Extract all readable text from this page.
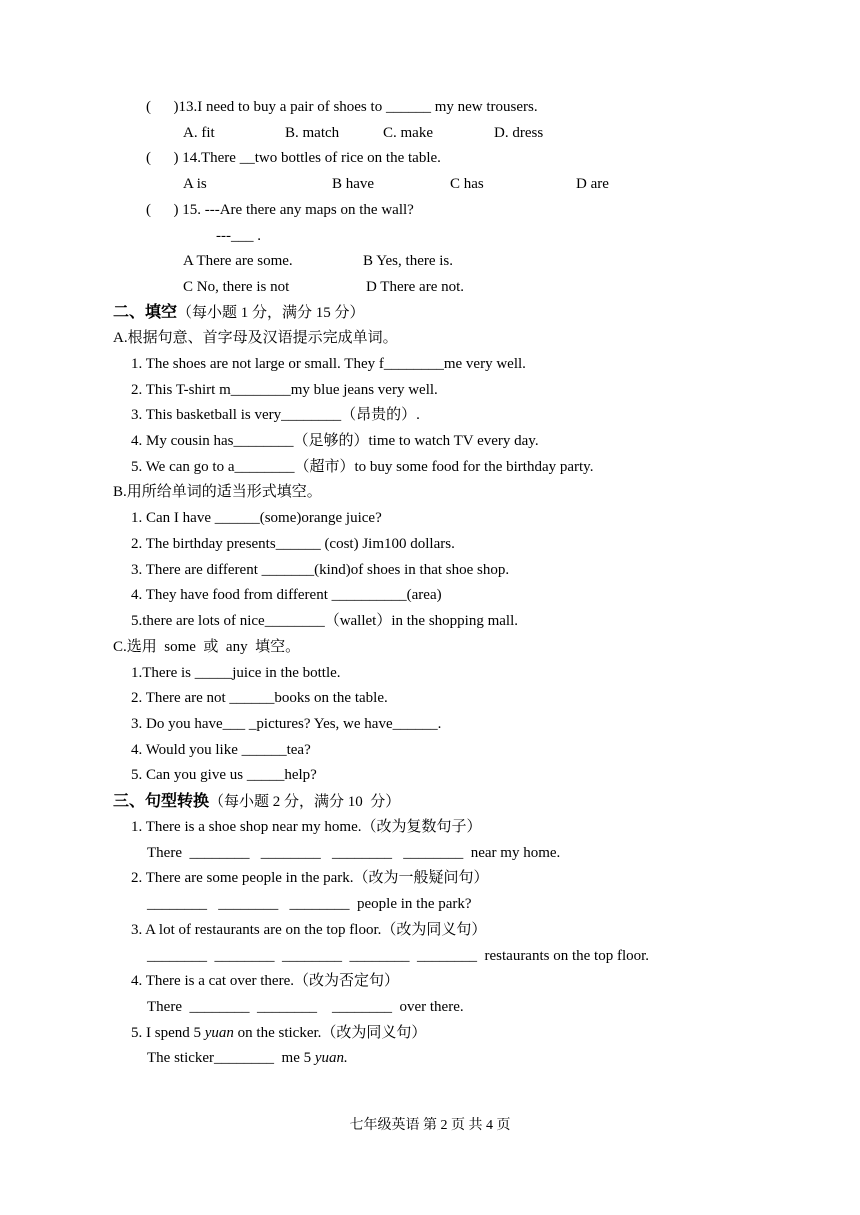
(      )13.I need to buy a pair of shoes to ______ my new trousers.
A. fit	B. match	C. make	D. dress
(      ) 14.There __two bottles of rice on the table.
A is	B have	C has	D are
(      ) 15. ---Are there any maps on the wall?
---___ .
A There are some.	B Yes, there is.
C No, there is not	D There are not.
二、填空（每小题 1 分，满分 15 分）
A.根据句意、首字母及汉语提示完成单词。
1. The shoes are not large or small. They f________me very well.
2. This T-shirt m________my blue jeans very well.
3. This basketball is very________（昂贵的）.
4. My cousin has________（足够的）time to watch TV every day.
5. We can go to a________（超市）to buy some food for the birthday party.
B.用所给单词的适当形式填空。
1. Can I have ______(some)orange juice?
2. The birthday presents______ (cost) Jim100 dollars.
3. There are different _______(kind)of shoes in that shoe shop.
4. They have food from different __________(area)
5.there are lots of nice________（wallet）in the shopping mall.
C.选用  some  或  any  填空。
1.There is _____juice in the bottle.
2. There are not ______books on the table.
3. Do you have___ _pictures? Yes, we have______.
4. Would you like ______tea?
5. Can you give us _____help?
三、句型转换（每小题 2 分，满分 10  分）
1. There is a shoe shop near my home.（改为复数句子）
There  ________   ________   ________   ________  near my home.
2. There are some people in the park.（改为一般疑问句）
________   ________   ________  people in the park?
3. A lot of restaurants are on the top floor.（改为同义句）
________  ________  ________  ________  ________  restaurants on the top floor.
4. There is a cat over there.（改为否定句）
There  ________  ________    ________  over there.
5. I spend 5 yuan on the sticker.（改为同义句）
The sticker________  me 5 yuan.
七年级英语 第 2 页 共 4 页
